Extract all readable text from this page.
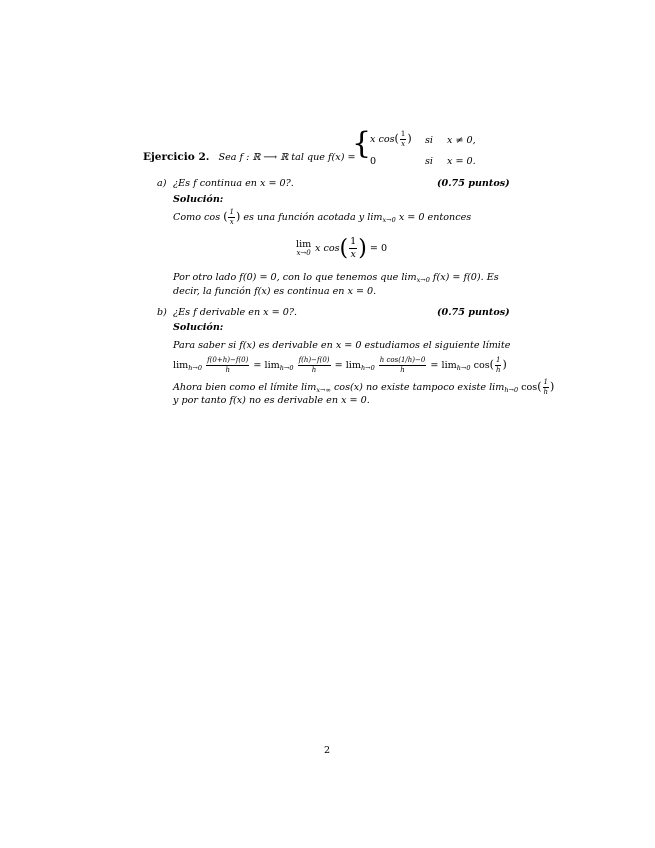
Ejercicio 2. Sea f : ℝ ⟶ ℝ tal que f(x) =
{
x $\cos( \frac{1}{x}$ ) si x ≠ 0,
0	si x = 0.
a) ¿Es f continua en x = 0?.	(0.75 puntos)
Solución:
Como cos ( $\frac{1}{x}$ ) es una función acotada y $\lim_{x\to 0} x = 0$ entonces
lim
x→0 x $\cos( \frac{1}{x}$ ) = 0
Por otro lado f(0) = 0, con lo que tenemos que $\lim_{x\to 0} f(x) = f(0)$. Es
decir, la función f(x) es continua en x = 0.
b) ¿Es f derivable en x = 0?.	(0.75 puntos)
Solución:
Para saber si f(x) es derivable en x = 0 estudiamos el siguiente límite
$\lim_{h\to 0} \frac{f(0+h)-f(0)}{h} = \lim_{h\to 0} \frac{f(h)-f(0)}{h} = \lim_{h\to 0} \frac{\text{h cos(1/h)−0}}{h} = \lim_{h\to 0} \cos( \frac{1}{h}$ )
Ahora bien como el límite $\lim_{x\to\infty} \cos(x)$ no existe tampoco existe $\lim_{h\to 0} \cos( \frac{1}{h}$ )
y por tanto f(x) no es derivable en x = 0.
2
